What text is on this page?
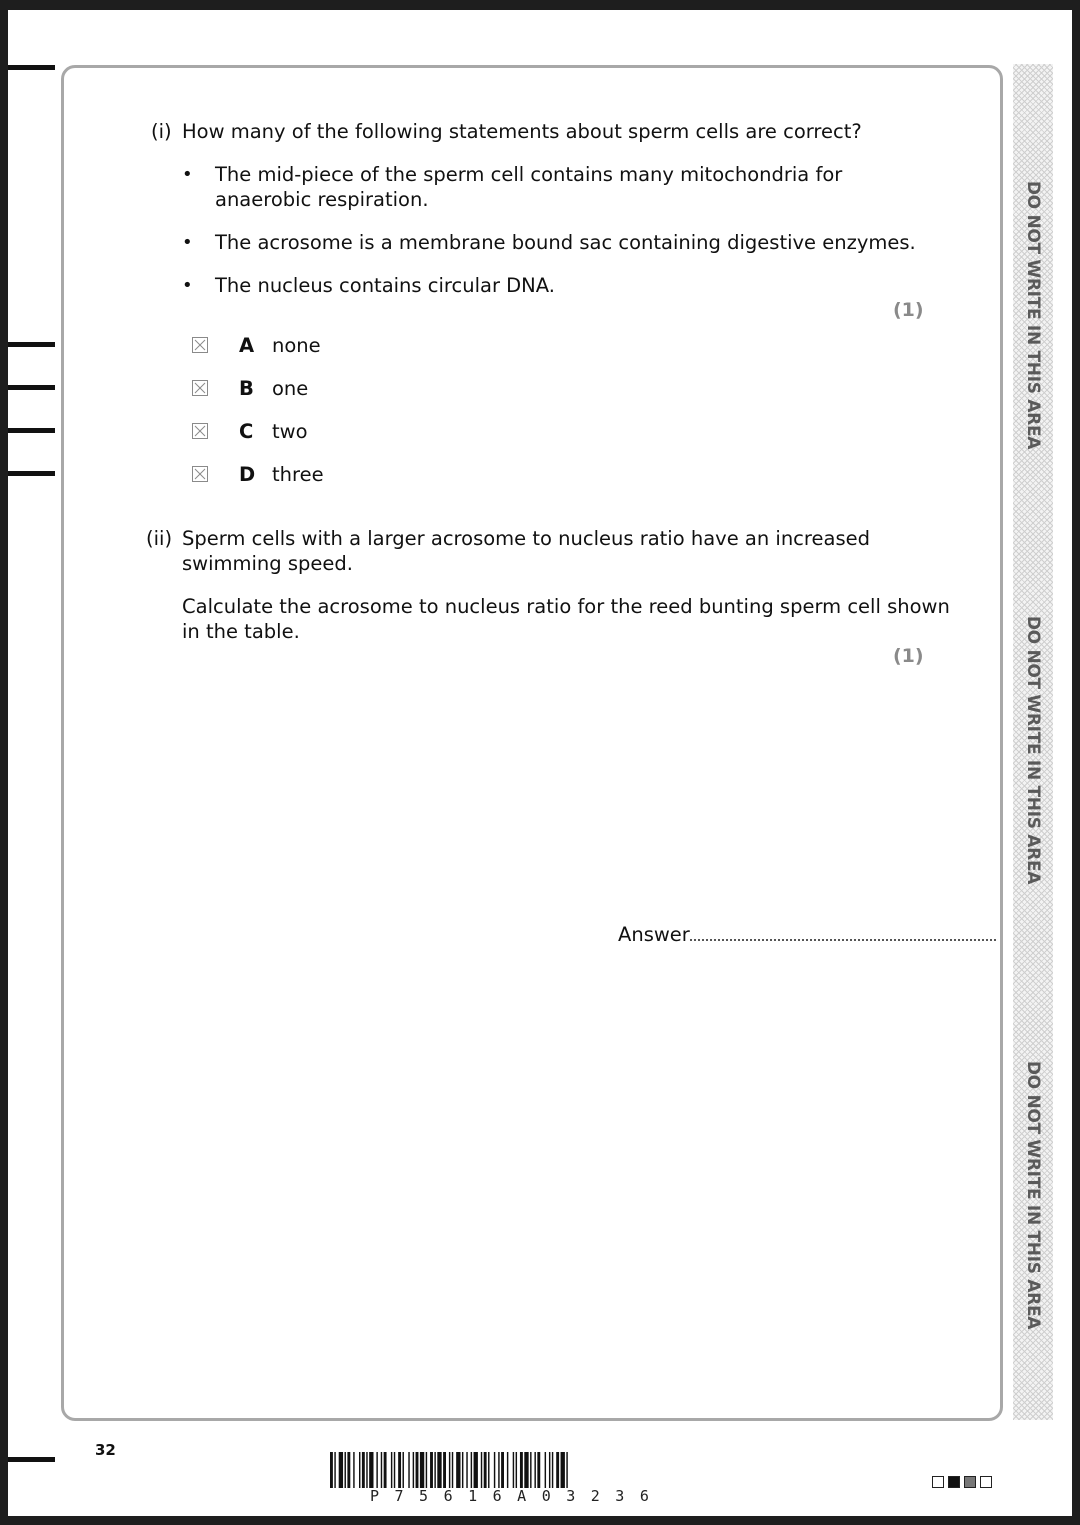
DO NOT WRITE IN THIS AREA
DO NOT WRITE IN THIS AREA
DO NOT WRITE IN THIS AREA
(i) How many of the following statements about sperm cells are correct?
• The mid-piece of the sperm cell contains many mitochondria for
anaerobic respiration.
• The acrosome is a membrane bound sac containing digestive enzymes.
• The nucleus contains circular DNA.
(1)
A none
B one
C two
D three
(ii) Sperm cells with a larger acrosome to nucleus ratio have an increased
swimming speed.
Calculate the acrosome to nucleus ratio for the reed bunting sperm cell shown
in the table.
(1)
Answer
32
P75616A03236
